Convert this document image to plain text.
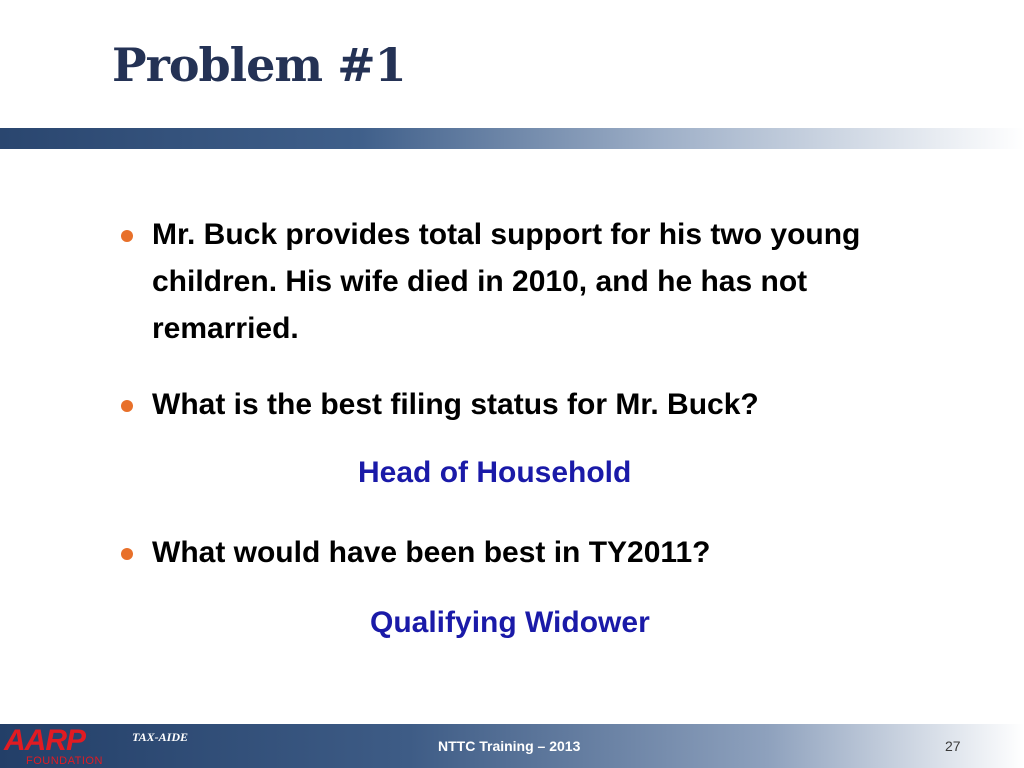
Problem #1
Mr. Buck provides total support for his two young children. His wife died in 2010, and he has not remarried.
What is the best filing status for Mr. Buck?
Head of Household
What would have been best in TY2011?
Qualifying Widower
AARP
FOUNDATION
TAX-AIDE
NTTC Training – 2013	27
